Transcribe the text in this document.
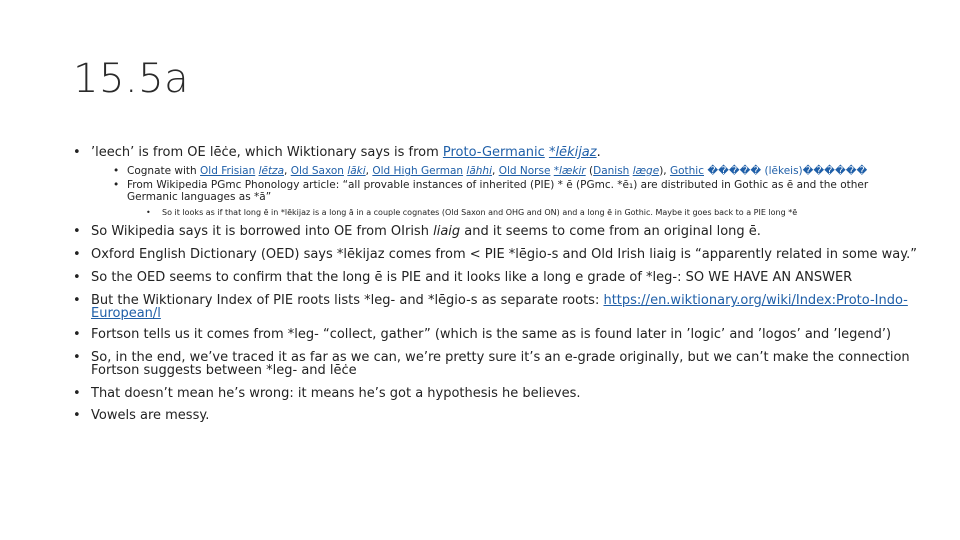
15.5a
• ’leech’ is from OE lēċe, which Wiktionary says is from Proto-Germanic *lēkijaz.
• Cognate with Old Frisian lētza, Old Saxon lāki, Old High German lāhhi, Old Norse *lækir (Danish læge), Gothic ����� (lēkeis)������
• From Wikipedia PGmc Phonology article: “all provable instances of inherited (PIE) * ē (PGmc. *ē₁) are distributed in Gothic as ē and the other
Germanic languages as *ā”
• So it looks as if that long ē in *lēkijaz is a long ā in a couple cognates (Old Saxon and OHG and ON) and a long ē in Gothic. Maybe it goes back to a PIE long *ē
• So Wikipedia says it is borrowed into OE from OIrish liaig and it seems to come from an original long ē.
• Oxford English Dictionary (OED) says *lēkijaz comes from < PIE *lēgio-s and Old Irish liaig is “apparently related in some way.”
• So the OED seems to confirm that the long ē is PIE and it looks like a long e grade of *leg-: SO WE HAVE AN ANSWER
• But the Wiktionary Index of PIE roots lists *leg- and *lēgio-s as separate roots: https://en.wiktionary.org/wiki/Index:Proto-Indo-
European/l
• Fortson tells us it comes from *leg- “collect, gather” (which is the same as is found later in ’logic’ and ’logos’ and ’legend’)
• So, in the end, we’ve traced it as far as we can, we’re pretty sure it’s an e-grade originally, but we can’t make the connection
Fortson suggests between *leg- and lēċe
• That doesn’t mean he’s wrong: it means he’s got a hypothesis he believes.
• Vowels are messy.
